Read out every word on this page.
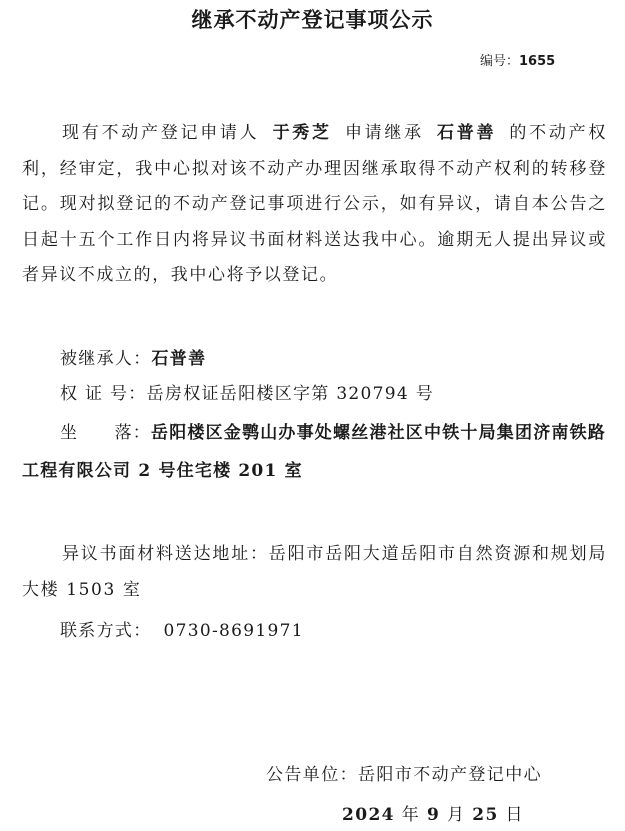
继承不动产登记事项公示
编号：1655
现有不动产登记申请人 于秀芝 申请继承 石普善 的不动产权利，经审定，我中心拟对该不动产办理因继承取得不动产权利的转移登记。现对拟登记的不动产登记事项进行公示，如有异议，请自本公告之日起十五个工作日内将异议书面材料送达我中心。逾期无人提出异议或者异议不成立的，我中心将予以登记。
被继承人：石普善
权 证 号：岳房权证岳阳楼区字第 320794 号
坐　　落：岳阳楼区金鹗山办事处螺丝港社区中铁十局集团济南铁路工程有限公司 2 号住宅楼 201 室
异议书面材料送达地址：岳阳市岳阳大道岳阳市自然资源和规划局大楼 1503 室
联系方式： 0730-8691971
公告单位：岳阳市不动产登记中心
2024 年 9 月 25 日
